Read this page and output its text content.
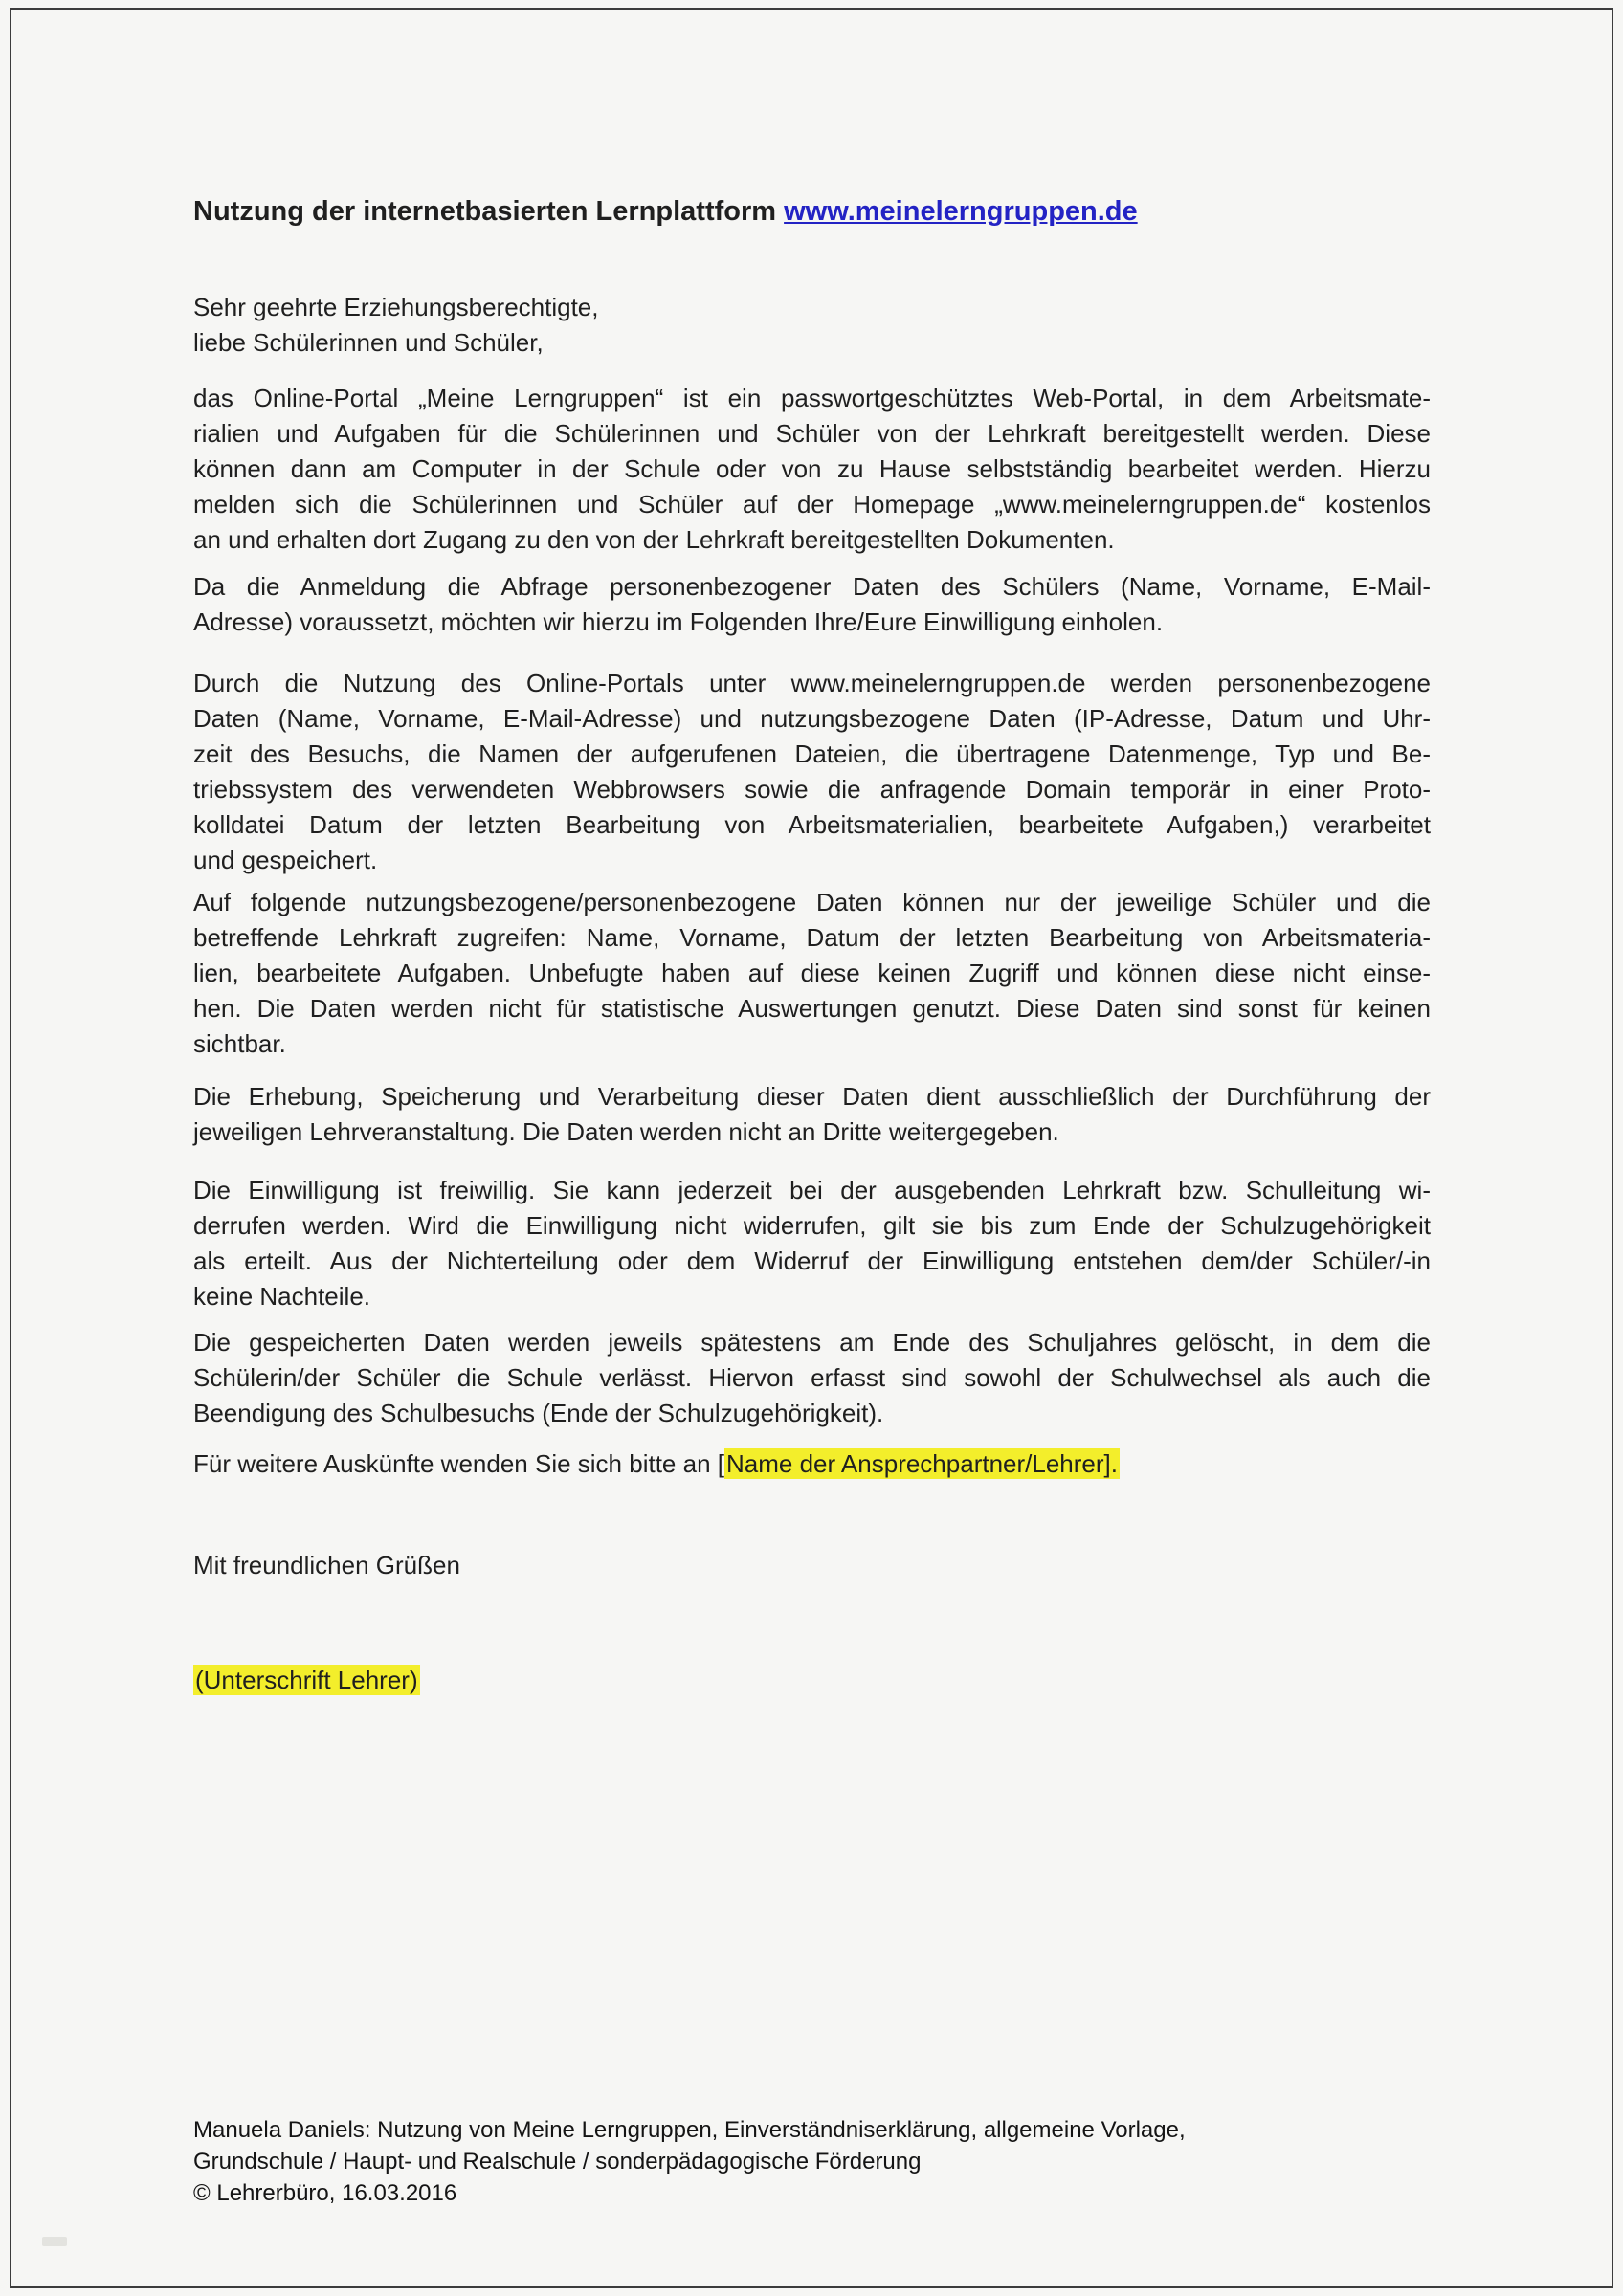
Nutzung der internetbasierten Lernplattform www.meinelerngruppen.de
Sehr geehrte Erziehungsberechtigte,
liebe Schülerinnen und Schüler,
das Online-Portal „Meine Lerngruppen“ ist ein passwortgeschütztes Web-Portal, in dem Arbeitsmate-
rialien und Aufgaben für die Schülerinnen und Schüler von der Lehrkraft bereitgestellt werden. Diese
können dann am Computer in der Schule oder von zu Hause selbstständig bearbeitet werden. Hierzu
melden sich die Schülerinnen und Schüler auf der Homepage „www.meinelerngruppen.de“ kostenlos
an und erhalten dort Zugang zu den von der Lehrkraft bereitgestellten Dokumenten.
Da die Anmeldung die Abfrage personenbezogener Daten des Schülers (Name, Vorname, E-Mail-
Adresse) voraussetzt, möchten wir hierzu im Folgenden Ihre/Eure Einwilligung einholen.
Durch die Nutzung des Online-Portals unter www.meinelerngruppen.de werden personenbezogene
Daten (Name, Vorname, E-Mail-Adresse) und nutzungsbezogene Daten (IP-Adresse, Datum und Uhr-
zeit des Besuchs, die Namen der aufgerufenen Dateien, die übertragene Datenmenge, Typ und Be-
triebssystem des verwendeten Webbrowsers sowie die anfragende Domain temporär in einer Proto-
kolldatei Datum der letzten Bearbeitung von Arbeitsmaterialien, bearbeitete Aufgaben,) verarbeitet
und gespeichert.
Auf folgende nutzungsbezogene/personenbezogene Daten können nur der jeweilige Schüler und die
betreffende Lehrkraft zugreifen: Name, Vorname, Datum der letzten Bearbeitung von Arbeitsmateria-
lien, bearbeitete Aufgaben. Unbefugte haben auf diese keinen Zugriff und können diese nicht einse-
hen. Die Daten werden nicht für statistische Auswertungen genutzt. Diese Daten sind sonst für keinen
sichtbar.
Die Erhebung, Speicherung und Verarbeitung dieser Daten dient ausschließlich der Durchführung der
jeweiligen Lehrveranstaltung. Die Daten werden nicht an Dritte weitergegeben.
Die Einwilligung ist freiwillig. Sie kann jederzeit bei der ausgebenden Lehrkraft bzw. Schulleitung wi-
derrufen werden. Wird die Einwilligung nicht widerrufen, gilt sie bis zum Ende der Schulzugehörigkeit
als erteilt. Aus der Nichterteilung oder dem Widerruf der Einwilligung entstehen dem/der Schüler/-in
keine Nachteile.
Die gespeicherten Daten werden jeweils spätestens am Ende des Schuljahres gelöscht, in dem die
Schülerin/der Schüler die Schule verlässt. Hiervon erfasst sind sowohl der Schulwechsel als auch die
Beendigung des Schulbesuchs (Ende der Schulzugehörigkeit).
Für weitere Auskünfte wenden Sie sich bitte an [Name der Ansprechpartner/Lehrer].
Mit freundlichen Grüßen
(Unterschrift Lehrer)
Manuela Daniels: Nutzung von Meine Lerngruppen, Einverständniserklärung, allgemeine Vorlage,
Grundschule / Haupt- und Realschule / sonderpädagogische Förderung
© Lehrerbüro, 16.03.2016
